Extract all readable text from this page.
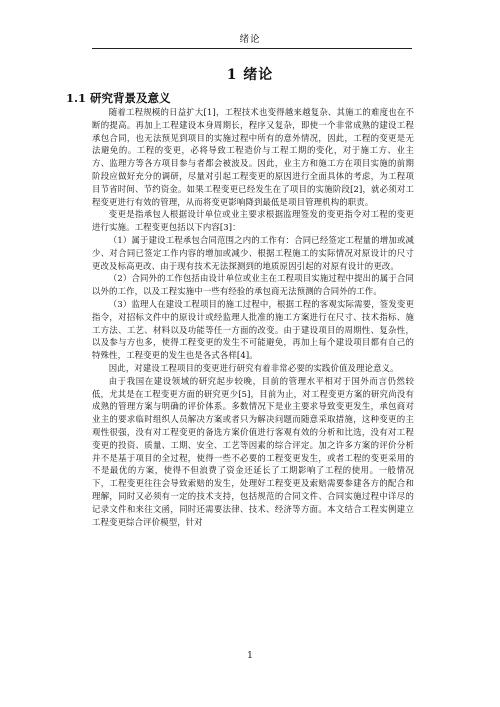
绪论
1 绪论
1.1 研究背景及意义

随着工程规模的日益扩大[1]，工程技术也变得越来越复杂、其施工的难度也在不断的提高。再加上工程建设本身周期长，程序又复杂，即使一个非常成熟的建设工程承包合同，也无法预见到项目的实施过程中所有的意外情况，因此，工程的变更是无法避免的。工程的变更，必将导致工程造价与工程工期的变化，对于施工方、业主方、监理方等各方项目参与者都会被波及。因此，业主方和施工方在项目实施的前期阶段应做好充分的调研，尽量对引起工程变更的原因进行全面具体的考虑，为工程项目节省时间、节约资金。如果工程变更已经发生在了项目的实施阶段[2]，就必须对工程变更进行有效的管理，从而将变更影响降到最低是项目管理机构的职责。

变更是指承包人根据设计单位或业主要求根据监理签发的变更指令对工程的变更进行实施。工程变更包括以下内容[3]：

（1）属于建设工程承包合同范围之内的工作有：合同已经签定工程量的增加或减少、对合同已签定工作内容的增加或减少、根据工程施工的实际情况对原设计的尺寸更改及标高更改、由于现有技术无法探测到的地质原因引起的对原有设计的更改。

（2）合同外的工作包括由设计单位或业主在工程项目实施过程中提出的属于合同以外的工作，以及工程实施中一些有经验的承包商无法预测的合同外的工作。

（3）监理人在建设工程项目的施工过程中，根据工程的客观实际需要，签发变更指令，对招标文件中的原设计或经监理人批准的施工方案进行在尺寸、技术指标、施工方法、工艺、材料以及功能等任一方面的改变。由于建设项目的周期性、复杂性，以及参与方也多，使得工程变更的发生不可能避免，再加上每个建设项目都有自己的特殊性，工程变更的发生也是各式各样[4]。

因此，对建设工程项目的变更进行研究有着非常必要的实践价值及理论意义。

由于我国在建设领域的研究起步较晚，目前的管理水平相对于国外而言仍然较低，尤其是在工程变更方面的研究更少[5]，目前为止，对工程变更方案的研究尚没有成熟的管理方案与明确的评价体系。多数情况下是业主要求导致变更发生，承包商对业主的要求临时组织人员解决方案或者只为解决问题而随意采取措施，这种变更的主观性很强，没有对工程变更的备选方案价值进行客观有效的分析和比选，没有对工程变更的投资、质量、工期、安全、工艺等因素的综合评定。加之许多方案的评价分析并不是基于项目的全过程，使得一些不必要的工程变更发生，或者工程的变更采用的不是最优的方案，使得不但浪费了资金还延长了工期影响了工程的使用。一般情况下，工程变更往往会导致索赔的发生，处理好工程变更及索赔需要参建各方的配合和理解，同时又必须有一定的技术支持，包括规范的合同文件、合同实施过程中详尽的记录文件和来往文函，同时还需要法律、技术、经济等方面。本文结合工程实例建立工程变更综合评价模型，针对

1
